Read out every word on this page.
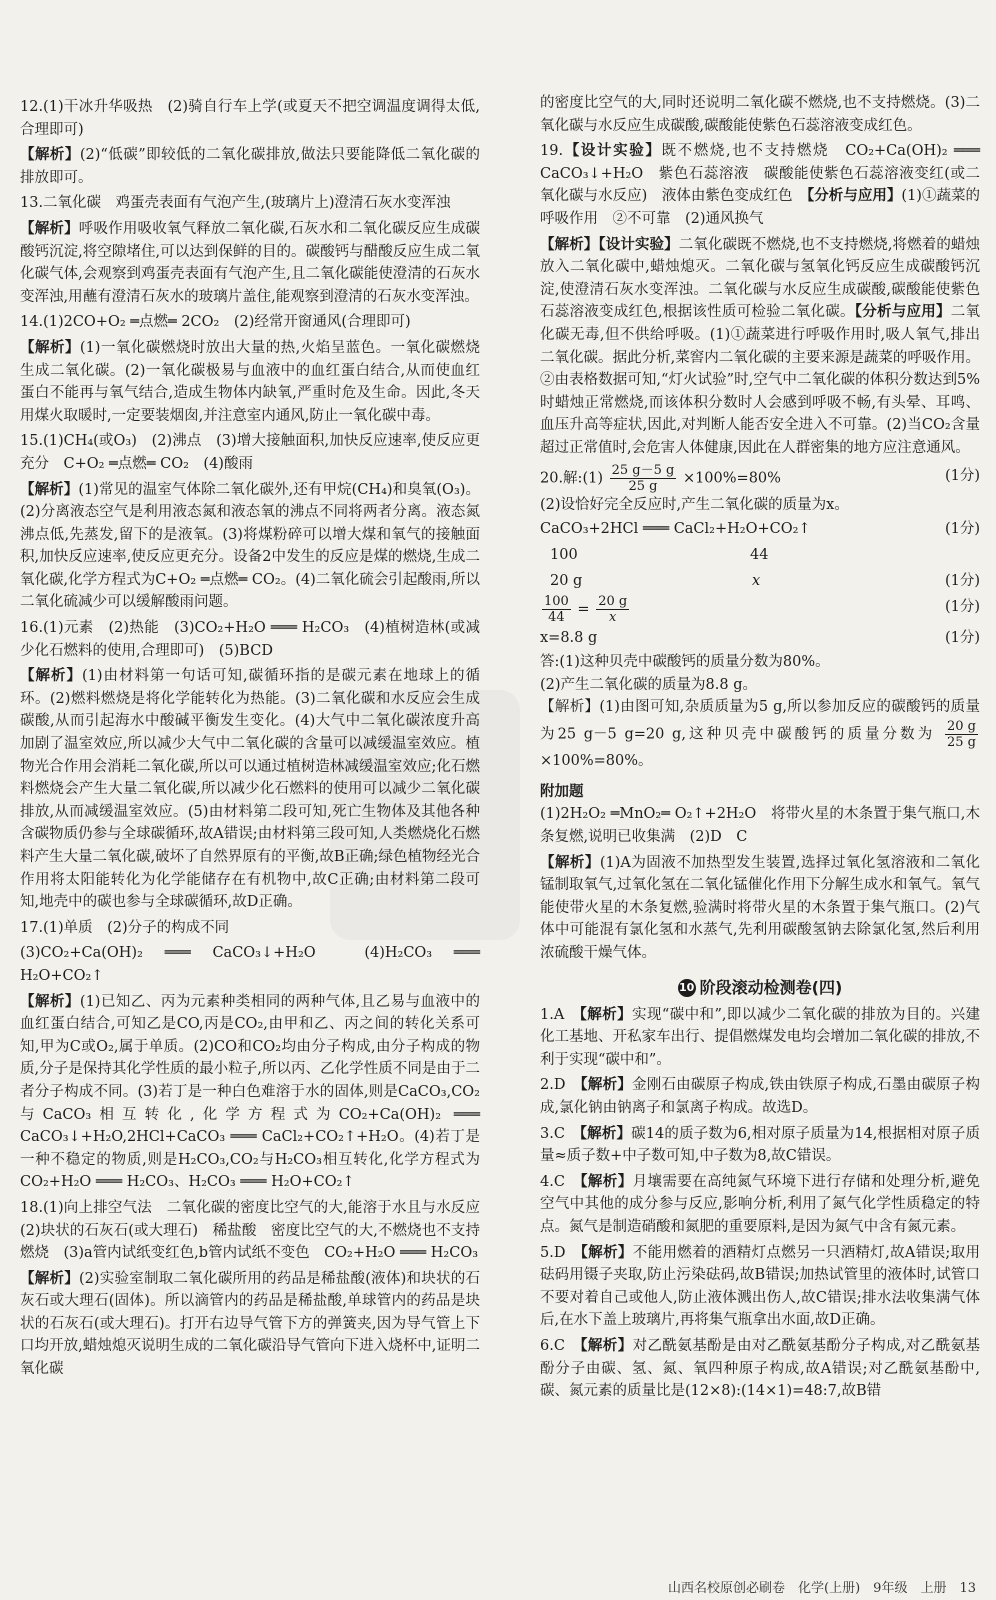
12.(1)干冰升华吸热　(2)骑自行车上学(或夏天不把空调温度调得太低,合理即可)

【解析】(2)“低碳”即较低的二氧化碳排放,做法只要能降低二氧化碳的排放即可。

13.二氧化碳　鸡蛋壳表面有气泡产生,(玻璃片上)澄清石灰水变浑浊

【解析】呼吸作用吸收氧气释放二氧化碳,石灰水和二氧化碳反应生成碳酸钙沉淀,将空隙堵住,可以达到保鲜的目的。碳酸钙与醋酸反应生成二氧化碳气体,会观察到鸡蛋壳表面有气泡产生,且二氧化碳能使澄清的石灰水变浑浊,用蘸有澄清石灰水的玻璃片盖住,能观察到澄清的石灰水变浑浊。

14.(1)2CO+O₂ ═点燃═ 2CO₂　(2)经常开窗通风(合理即可)

【解析】(1)一氧化碳燃烧时放出大量的热,火焰呈蓝色。一氧化碳燃烧生成二氧化碳。(2)一氧化碳极易与血液中的血红蛋白结合,从而使血红蛋白不能再与氧气结合,造成生物体内缺氧,严重时危及生命。因此,冬天用煤火取暖时,一定要装烟囱,并注意室内通风,防止一氧化碳中毒。

15.(1)CH₄(或O₃)　(2)沸点　(3)增大接触面积,加快反应速率,使反应更充分　C+O₂ ═点燃═ CO₂　(4)酸雨

【解析】(1)常见的温室气体除二氧化碳外,还有甲烷(CH₄)和臭氧(O₃)。(2)分离液态空气是利用液态氮和液态氧的沸点不同将两者分离。液态氮沸点低,先蒸发,留下的是液氧。(3)将煤粉碎可以增大煤和氧气的接触面积,加快反应速率,使反应更充分。设备2中发生的反应是煤的燃烧,生成二氧化碳,化学方程式为C+O₂ ═点燃═ CO₂。(4)二氧化硫会引起酸雨,所以二氧化硫减少可以缓解酸雨问题。

16.(1)元素　(2)热能　(3)CO₂+H₂O ═══ H₂CO₃　(4)植树造林(或减少化石燃料的使用,合理即可)　(5)BCD

【解析】(1)由材料第一句话可知,碳循环指的是碳元素在地球上的循环。(2)燃料燃烧是将化学能转化为热能。(3)二氧化碳和水反应会生成碳酸,从而引起海水中酸碱平衡发生变化。(4)大气中二氧化碳浓度升高加剧了温室效应,所以减少大气中二氧化碳的含量可以减缓温室效应。植物光合作用会消耗二氧化碳,所以可以通过植树造林减缓温室效应;化石燃料燃烧会产生大量二氧化碳,所以减少化石燃料的使用可以减少二氧化碳排放,从而减缓温室效应。(5)由材料第二段可知,死亡生物体及其他各种含碳物质仍参与全球碳循环,故A错误;由材料第三段可知,人类燃烧化石燃料产生大量二氧化碳,破坏了自然界原有的平衡,故B正确;绿色植物经光合作用将太阳能转化为化学能储存在有机物中,故C正确;由材料第二段可知,地壳中的碳也参与全球碳循环,故D正确。

17.(1)单质　(2)分子的构成不同

(3)CO₂+Ca(OH)₂ ═══ CaCO₃↓+H₂O　(4)H₂CO₃ ═══ H₂O+CO₂↑

【解析】(1)已知乙、丙为元素种类相同的两种气体,且乙易与血液中的血红蛋白结合,可知乙是CO,丙是CO₂,由甲和乙、丙之间的转化关系可知,甲为C或O₂,属于单质。(2)CO和CO₂均由分子构成,由分子构成的物质,分子是保持其化学性质的最小粒子,所以丙、乙化学性质不同是由于二者分子构成不同。(3)若丁是一种白色难溶于水的固体,则是CaCO₃,CO₂与CaCO₃相互转化,化学方程式为CO₂+Ca(OH)₂ ═══ CaCO₃↓+H₂O,2HCl+CaCO₃ ═══ CaCl₂+CO₂↑+H₂O。(4)若丁是一种不稳定的物质,则是H₂CO₃,CO₂与H₂CO₃相互转化,化学方程式为CO₂+H₂O ═══ H₂CO₃、H₂CO₃ ═══ H₂O+CO₂↑

18.(1)向上排空气法　二氧化碳的密度比空气的大,能溶于水且与水反应　(2)块状的石灰石(或大理石)　稀盐酸　密度比空气的大,不燃烧也不支持燃烧　(3)a管内试纸变红色,b管内试纸不变色　CO₂+H₂O ═══ H₂CO₃

【解析】(2)实验室制取二氧化碳所用的药品是稀盐酸(液体)和块状的石灰石或大理石(固体)。所以滴管内的药品是稀盐酸,单球管内的药品是块状的石灰石(或大理石)。打开右边导气管下方的弹簧夹,因为导气管上下口均开放,蜡烛熄灭说明生成的二氧化碳沿导气管向下进入烧杯中,证明二氧化碳

的密度比空气的大,同时还说明二氧化碳不燃烧,也不支持燃烧。(3)二氧化碳与水反应生成碳酸,碳酸能使紫色石蕊溶液变成红色。

19.【设计实验】既不燃烧,也不支持燃烧　CO₂+Ca(OH)₂ ═══ CaCO₃↓+H₂O　紫色石蕊溶液　碳酸能使紫色石蕊溶液变红(或二氧化碳与水反应)　液体由紫色变成红色　【分析与应用】(1)①蔬菜的呼吸作用　②不可靠　(2)通风换气

【解析】【设计实验】二氧化碳既不燃烧,也不支持燃烧,将燃着的蜡烛放入二氧化碳中,蜡烛熄灭。二氧化碳与氢氧化钙反应生成碳酸钙沉淀,使澄清石灰水变浑浊。二氧化碳与水反应生成碳酸,碳酸能使紫色石蕊溶液变成红色,根据该性质可检验二氧化碳。【分析与应用】二氧化碳无毒,但不供给呼吸。(1)①蔬菜进行呼吸作用时,吸人氧气,排出二氧化碳。据此分析,菜窖内二氧化碳的主要来源是蔬菜的呼吸作用。②由表格数据可知,“灯火试验”时,空气中二氧化碳的体积分数达到5%时蜡烛正常燃烧,而该体积分数时人会感到呼吸不畅,有头晕、耳鸣、血压升高等症状,因此,对判断人能否安全进入不可靠。(2)当CO₂含量超过正常值时,会危害人体健康,因此在人群密集的地方应注意通风。

20.解:(1) $\frac{25 g-5 g}{25 g} \times 100\%=80\%$	(1分)

(2)设恰好完全反应时,产生二氧化碳的质量为x。

CaCO₃+2HCl ═══ CaCl₂+H₂O+CO₂↑	(1分)
100	44
20 g	x	(1分)
$\frac{100}{44} = \frac{20 g}{x}$	(1分)
x=8.8 g	(1分)

答:(1)这种贝壳中碳酸钙的质量分数为80%。

(2)产生二氧化碳的质量为8.8 g。

【解析】(1)由图可知,杂质质量为5 g,所以参加反应的碳酸钙的质量为25 g－5 g=20 g,这种贝壳中碳酸钙的质量分数为 $\frac{20 g}{25 g}$
×100%=80%。

附加题

(1)2H₂O₂ ═MnO₂═ O₂↑+2H₂O　将带火星的木条置于集气瓶口,木条复燃,说明已收集满　(2)D　C

【解析】(1)A为固液不加热型发生装置,选择过氧化氢溶液和二氧化锰制取氧气,过氧化氢在二氧化锰催化作用下分解生成水和氧气。氧气能使带火星的木条复燃,验满时将带火星的木条置于集气瓶口。(2)气体中可能混有氯化氢和水蒸气,先利用碳酸氢钠去除氯化氢,然后利用浓硫酸干燥气体。

10 阶段滚动检测卷(四)

1.A　【解析】实现“碳中和”,即以减少二氧化碳的排放为目的。兴建化工基地、开私家车出行、提倡燃煤发电均会增加二氧化碳的排放,不利于实现“碳中和”。

2.D　【解析】金刚石由碳原子构成,铁由铁原子构成,石墨由碳原子构成,氯化钠由钠离子和氯离子构成。故选D。

3.C　【解析】碳14的质子数为6,相对原子质量为14,根据相对原子质量≈质子数+中子数可知,中子数为8,故C错误。

4.C　【解析】月壤需要在高纯氮气环境下进行存储和处理分析,避免空气中其他的成分参与反应,影响分析,利用了氮气化学性质稳定的特点。氮气是制造硝酸和氮肥的重要原料,是因为氮气中含有氮元素。

5.D　【解析】不能用燃着的酒精灯点燃另一只酒精灯,故A错误;取用砝码用镊子夹取,防止污染砝码,故B错误;加热试管里的液体时,试管口不要对着自己或他人,防止液体溅出伤人,故C错误;排水法收集满气体后,在水下盖上玻璃片,再将集气瓶拿出水面,故D正确。

6.C　【解析】对乙酰氨基酚是由对乙酰氨基酚分子构成,对乙酰氨基酚分子由碳、氢、氮、氧四种原子构成,故A错误;对乙酰氨基酚中,碳、氮元素的质量比是(12×8):(14×1)=48:7,故B错

山西名校原创必刷卷　化学(上册)　9年级　上册　13
